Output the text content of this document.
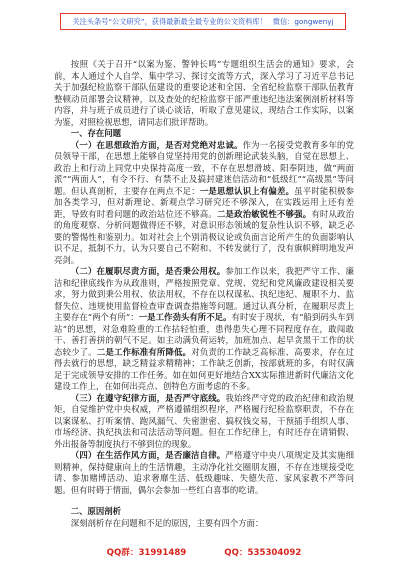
关注头条号“公文研究”，获得最新最全最专业的公文资料库！ 微信：gongwenyj

按照《关于召开“以案为鉴、警钟长鸣”专题组织生活会的通知》要求，会前，本人通过个人自学、集中学习、探讨交流等方式，深入学习了习近平总书记关于加强纪检监察干部队伍建设的重要论述和全国、全省纪检监察干部队伍教育整顿动员部署会议精神，以及查处的纪检监察干部严重违纪违法案例剖析材料等内容，并与班子成员进行了谈心谈话，听取了意见建议，现结合工作实际，以案为鉴，对照检视思想，请同志们批评帮助。

一、存在问题

（一）在思想政治方面，是否对党绝对忠诚。作为一名接受党教育多年的党员领导干部，在思想上能够自觉坚持用党的创新理论武装头脑，自觉在思想上、政治上和行动上同党中央保持高度一致，不存在思想滑坡、阳奉阴违，做“两面派”“两面人”，有令不行、有禁不止及搞封建迷信活动和“低级红”“高级黑”等问题。但认真剖析，主要存在两点不足：一是思想认识上有偏差。虽平时能积极参加各类学习，但对新理论、新观点学习研究还不够深入，在实践运用上还有差距，导致有时看问题的政治站位还不够高。二是政治敏锐性不够强。有时从政治的角度观察、分析问题做得还不够，对意识形态领域的复杂性认识不够，缺乏必要的警惕性和鉴别力。如对社会上个别消极议论或负面言论所产生的负面影响认识不足，抵制不力，认为只要自己不附和、不转发就行了，没有旗帜鲜明地发声亮剑。

（二）在履职尽责方面，是否秉公用权。参加工作以来，我把严守工作、廉洁和纪律底线作为从政准则，严格按照党章、党规、党纪和党风廉政建设相关要求，努力做到秉公用权、依法用权，不存在以权谋私、执纪违纪、履职不力、监督失位、违规使用监督检查审查调查措施等问题。通过认真分析，在履职尽责上主要存在“两个有所”：一是工作劲头有所不足。有时安于现状，有“船到码头车到站”的思想，对急难险重的工作拈轻怕重，患得患失心理不同程度存在，敢闯敢干、善打善拼的朝气不足。如主动满负荷运转，加班加点、起早贪黑干工作的状态较少了。二是工作标准有所降低。对负责的工作缺乏高标准、高要求，存在过得去就行的思想，缺乏精益求精精神；工作缺乏创新，按部就班的多，有时仅满足于完成领导安排的工作任务。如在如何更好地结合XX实际推进新时代廉洁文化建设工作上，在如何出亮点、创特色方面考虑的不多。

（三）在遵守纪律方面，是否严守底线。我始终严守党的政治纪律和政治规矩，自觉维护党中央权威，严格遵循组织程序，严格履行纪检监察职责，不存在以案谋私、打听案情、跑风漏气、失密泄密、搞权钱交易，干预插手组织人事、市场经济、执纪执法和司法活动等问题。但在工作纪律上，有时还存在请销假、外出报备等制度执行不够到位的现象。

（四）在生活作风方面，是否廉洁自律。严格遵守中央八项规定及其实施细则精神，保持健康向上的生活情趣，主动净化社交圈朋友圈，不存在违规接受吃请、参加赌博活动、追求奢靡生活、低级趣味、失德失范、家风家教不严等问题。但有时碍于情面，偶尔会参加一些红白喜事的吃请。

二、原因剖析

深刻剖析存在问题和不足的原因，主要有四个方面：

QQ群：31991489	QQ：535304092
